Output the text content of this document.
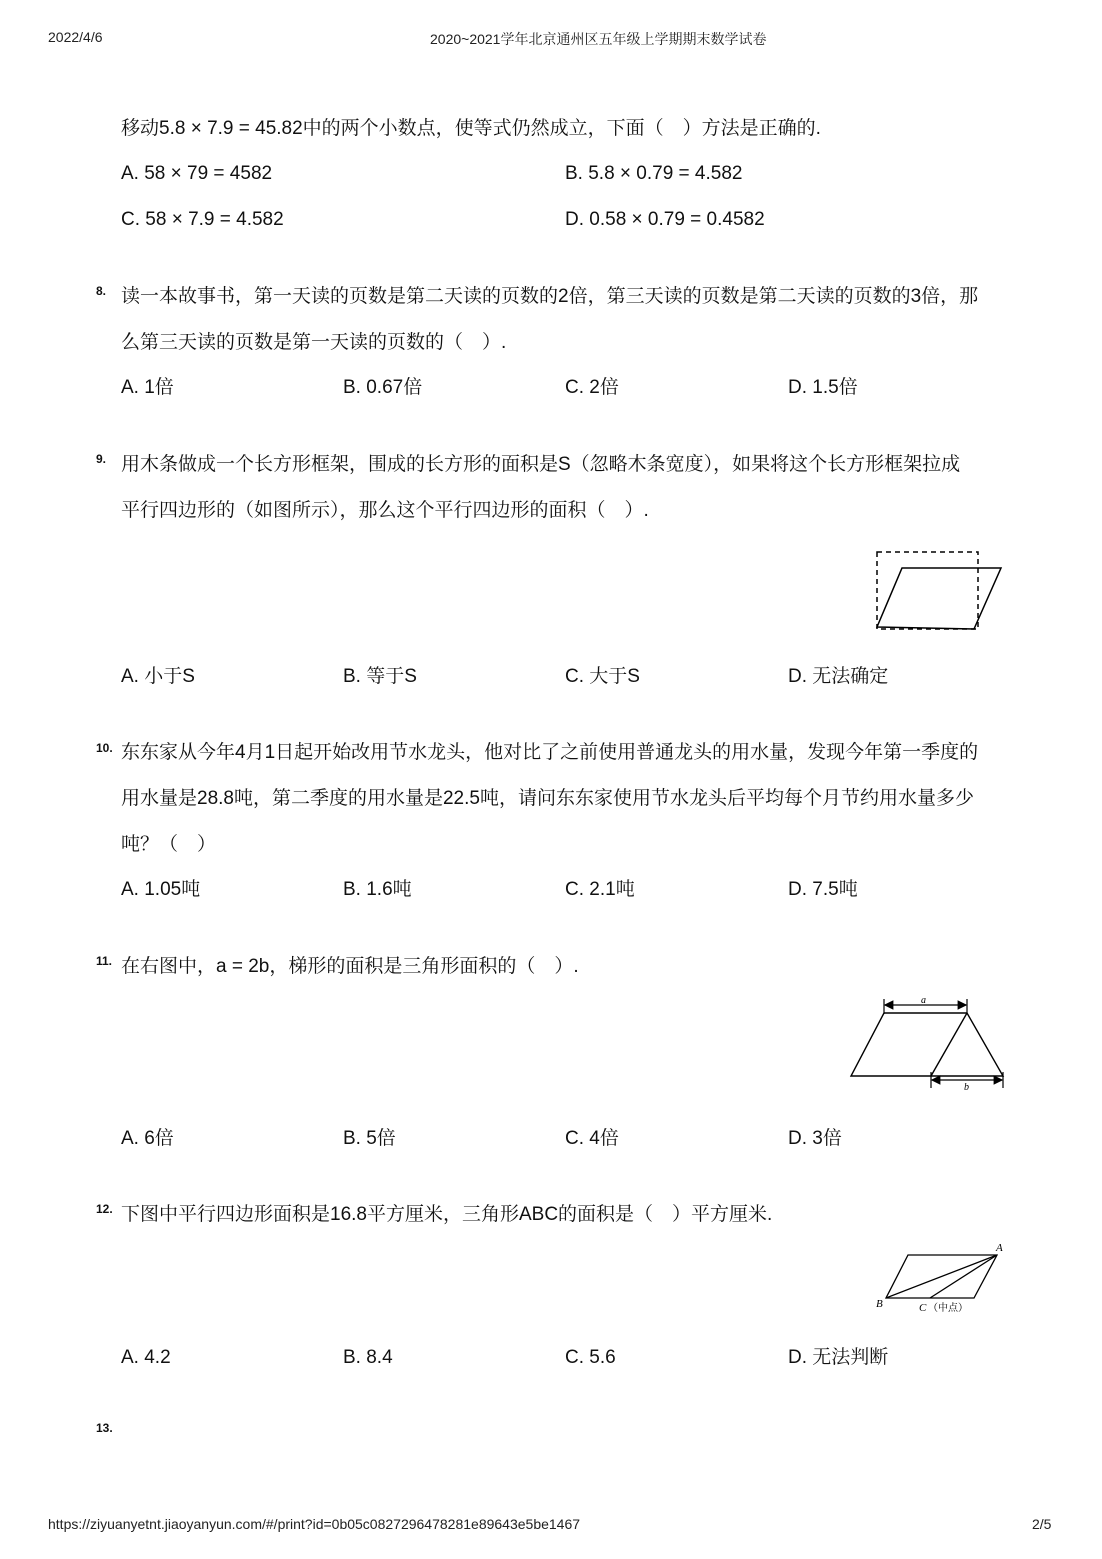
2022/4/6	2020~2021学年北京通州区五年级上学期期末数学试卷
移动5.8 × 7.9 = 45.82中的两个小数点，使等式仍然成立，下面（　）方法是正确的.
A. 58 × 79 = 4582	B. 5.8 × 0.79 = 4.582
C. 58 × 7.9 = 4.582	D. 0.58 × 0.79 = 0.4582
8. 读一本故事书，第一天读的页数是第二天读的页数的2倍，第三天读的页数是第二天读的页数的3倍，那
么第三天读的页数是第一天读的页数的（　）.
A. 1倍	B. 0.67倍	C. 2倍	D. 1.5倍
9. 用木条做成一个长方形框架，围成的长方形的面积是S（忽略木条宽度），如果将这个长方形框架拉成
平行四边形的（如图所示），那么这个平行四边形的面积（　）.
A. 小于S	B. 等于S	C. 大于S	D. 无法确定
10. 东东家从今年4月1日起开始改用节水龙头，他对比了之前使用普通龙头的用水量，发现今年第一季度的
用水量是28.8吨，第二季度的用水量是22.5吨，请问东东家使用节水龙头后平均每个月节约用水量多少
吨？（　）
A. 1.05吨	B. 1.6吨	C. 2.1吨	D. 7.5吨
11. 在右图中，a = 2b，梯形的面积是三角形面积的（　）.
a
b
A. 6倍	B. 5倍	C. 4倍	D. 3倍
12. 下图中平行四边形面积是16.8平方厘米，三角形ABC的面积是（　）平方厘米.
A
B	C （中点）
A. 4.2	B. 8.4	C. 5.6	D. 无法判断
13.
https://ziyuanyetnt.jiaoyanyun.com/#/print?id=0b05c0827296478281e89643e5be1467	2/5
